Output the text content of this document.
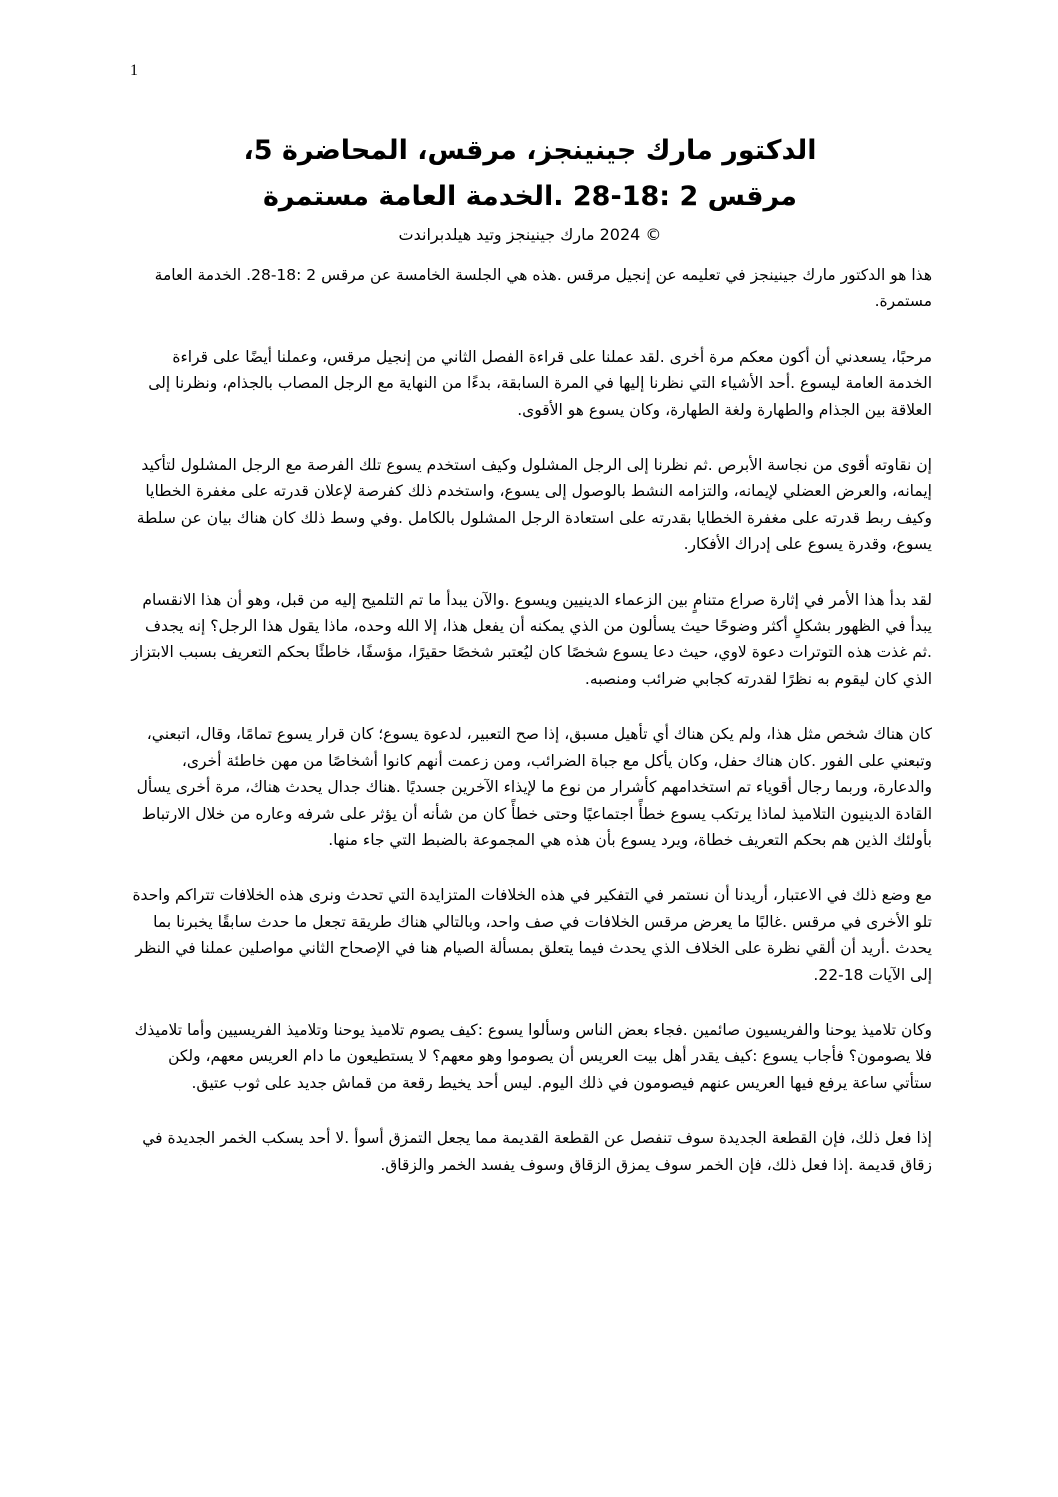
1
الدكتور مارك جينينجز، مرقس، المحاضرة 5،
مرقس 2 :18-28 .الخدمة العامة مستمرة
© 2024 مارك جينينجز وتيد هيلدبراندت

هذا هو الدكتور مارك جينينجز في تعليمه عن إنجيل مرقس .هذه هي الجلسة الخامسة عن مرقس 2 :18-28. الخدمة العامة مستمرة.

مرحبًا، يسعدني أن أكون معكم مرة أخرى .لقد عملنا على قراءة الفصل الثاني من إنجيل مرقس، وعملنا أيضًا على قراءة الخدمة العامة ليسوع .أحد الأشياء التي نظرنا إليها في المرة السابقة، بدءًا من النهاية مع الرجل المصاب بالجذام، ونظرنا إلى العلاقة بين الجذام والطهارة ولغة الطهارة، وكان يسوع هو الأقوى.

إن نقاوته أقوى من نجاسة الأبرص .ثم نظرنا إلى الرجل المشلول وكيف استخدم يسوع تلك الفرصة مع الرجل المشلول لتأكيد إيمانه، والعرض العضلي لإيمانه، والتزامه النشط بالوصول إلى يسوع، واستخدم ذلك كفرصة لإعلان قدرته على مغفرة الخطايا وكيف ربط قدرته على مغفرة الخطايا بقدرته على استعادة الرجل المشلول بالكامل .وفي وسط ذلك كان هناك بيان عن سلطة يسوع، وقدرة يسوع على إدراك الأفكار.

لقد بدأ هذا الأمر في إثارة صراع متنامٍ بين الزعماء الدينيين ويسوع .والآن يبدأ ما تم التلميح إليه من قبل، وهو أن هذا الانقسام يبدأ في الظهور بشكلٍ أكثر وضوحًا حيث يسألون من الذي يمكنه أن يفعل هذا، إلا الله وحده، ماذا يقول هذا الرجل؟ إنه يجدف .ثم غذت هذه التوترات دعوة لاوي، حيث دعا يسوع شخصًا كان ليُعتبر شخصًا حقيرًا، مؤسفًا، خاطئًا بحكم التعريف بسبب الابتزاز الذي كان ليقوم به نظرًا لقدرته كجابي ضرائب ومنصبه.

كان هناك شخص مثل هذا، ولم يكن هناك أي تأهيل مسبق، إذا صح التعبير، لدعوة يسوع؛ كان قرار يسوع تمامًا، وقال، اتبعني، وتبعني على الفور .كان هناك حفل، وكان يأكل مع جباة الضرائب، ومن زعمت أنهم كانوا أشخاصًا من مهن خاطئة أخرى، والدعارة، وربما رجال أقوياء تم استخدامهم كأشرار من نوع ما لإيذاء الآخرين جسديًا .هناك جدال يحدث هناك، مرة أخرى يسأل القادة الدينيون التلاميذ لماذا يرتكب يسوع خطأً اجتماعيًا وحتى خطأً كان من شأنه أن يؤثر على شرفه وعاره من خلال الارتباط بأولئك الذين هم بحكم التعريف خطاة، ويرد يسوع بأن هذه هي المجموعة بالضبط التي جاء منها.

مع وضع ذلك في الاعتبار، أريدنا أن نستمر في التفكير في هذه الخلافات المتزايدة التي تحدث ونرى هذه الخلافات تتراكم واحدة تلو الأخرى في مرقس .غالبًا ما يعرض مرقس الخلافات في صف واحد، وبالتالي هناك طريقة تجعل ما حدث سابقًا يخبرنا بما يحدث .أريد أن ألقي نظرة على الخلاف الذي يحدث فيما يتعلق بمسألة الصيام هنا في الإصحاح الثاني مواصلين عملنا في النظر إلى الآيات 18-22.

وكان تلاميذ يوحنا والفريسيون صائمين .فجاء بعض الناس وسألوا يسوع :كيف يصوم تلاميذ يوحنا وتلاميذ الفريسيين وأما تلاميذك فلا يصومون؟ فأجاب يسوع :كيف يقدر أهل بيت العريس أن يصوموا وهو معهم؟ لا يستطيعون ما دام العريس معهم، ولكن ستأتي ساعة يرفع فيها العريس عنهم فيصومون في ذلك اليوم. ليس أحد يخيط رقعة من قماش جديد على ثوب عتيق.

إذا فعل ذلك، فإن القطعة الجديدة سوف تنفصل عن القطعة القديمة مما يجعل التمزق أسوأ .لا أحد يسكب الخمر الجديدة في زقاق قديمة .إذا فعل ذلك، فإن الخمر سوف يمزق الزقاق وسوف يفسد الخمر والزقاق.
